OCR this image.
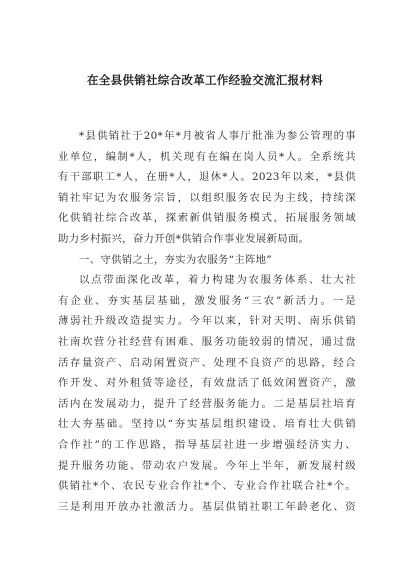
在全县供销社综合改革工作经验交流汇报材料
*县供销社于20*年*月被省人事厅批准为参公管理的事
业单位，编制*人，机关现有在编在岗人员*人。全系统共
有干部职工*人，在册*人，退休*人。2023年以来，*县供
销社牢记为农服务宗旨，以组织服务农民为主线，持续深
化供销社综合改革，探索新供销服务模式，拓展服务领域
助力乡村振兴，奋力开创*供销合作事业发展新局面。
一、守供销之土，夯实为农服务“主阵地”
以点带面深化改革，着力构建为农服务体系、壮大社
有企业、夯实基层基础，激发服务“三农”新活力。一是
薄弱社升级改造提实力。今年以来，针对天明、南乐供销
社南坎营分社经营有困难、服务功能较弱的情况，通过盘
活存量资产、启动闲置资产、处理不良资产的思路，经合
作开发、对外租赁等途径，有效盘活了低效闲置资产，激
活内在发展动力，提升了经营服务能力。二是基层社培育
壮大夯基础。坚持以“夯实基层组织建设、培育壮大供销
合作社”的工作思路，指导基层社进一步增强经济实力、
提升服务功能、带动农户发展。今年上半年，新发展村级
供销社*个、农民专业合作社*个、专业合作社联合社*个。
三是利用开放办社激活力。基层供销社职工年龄老化、资
